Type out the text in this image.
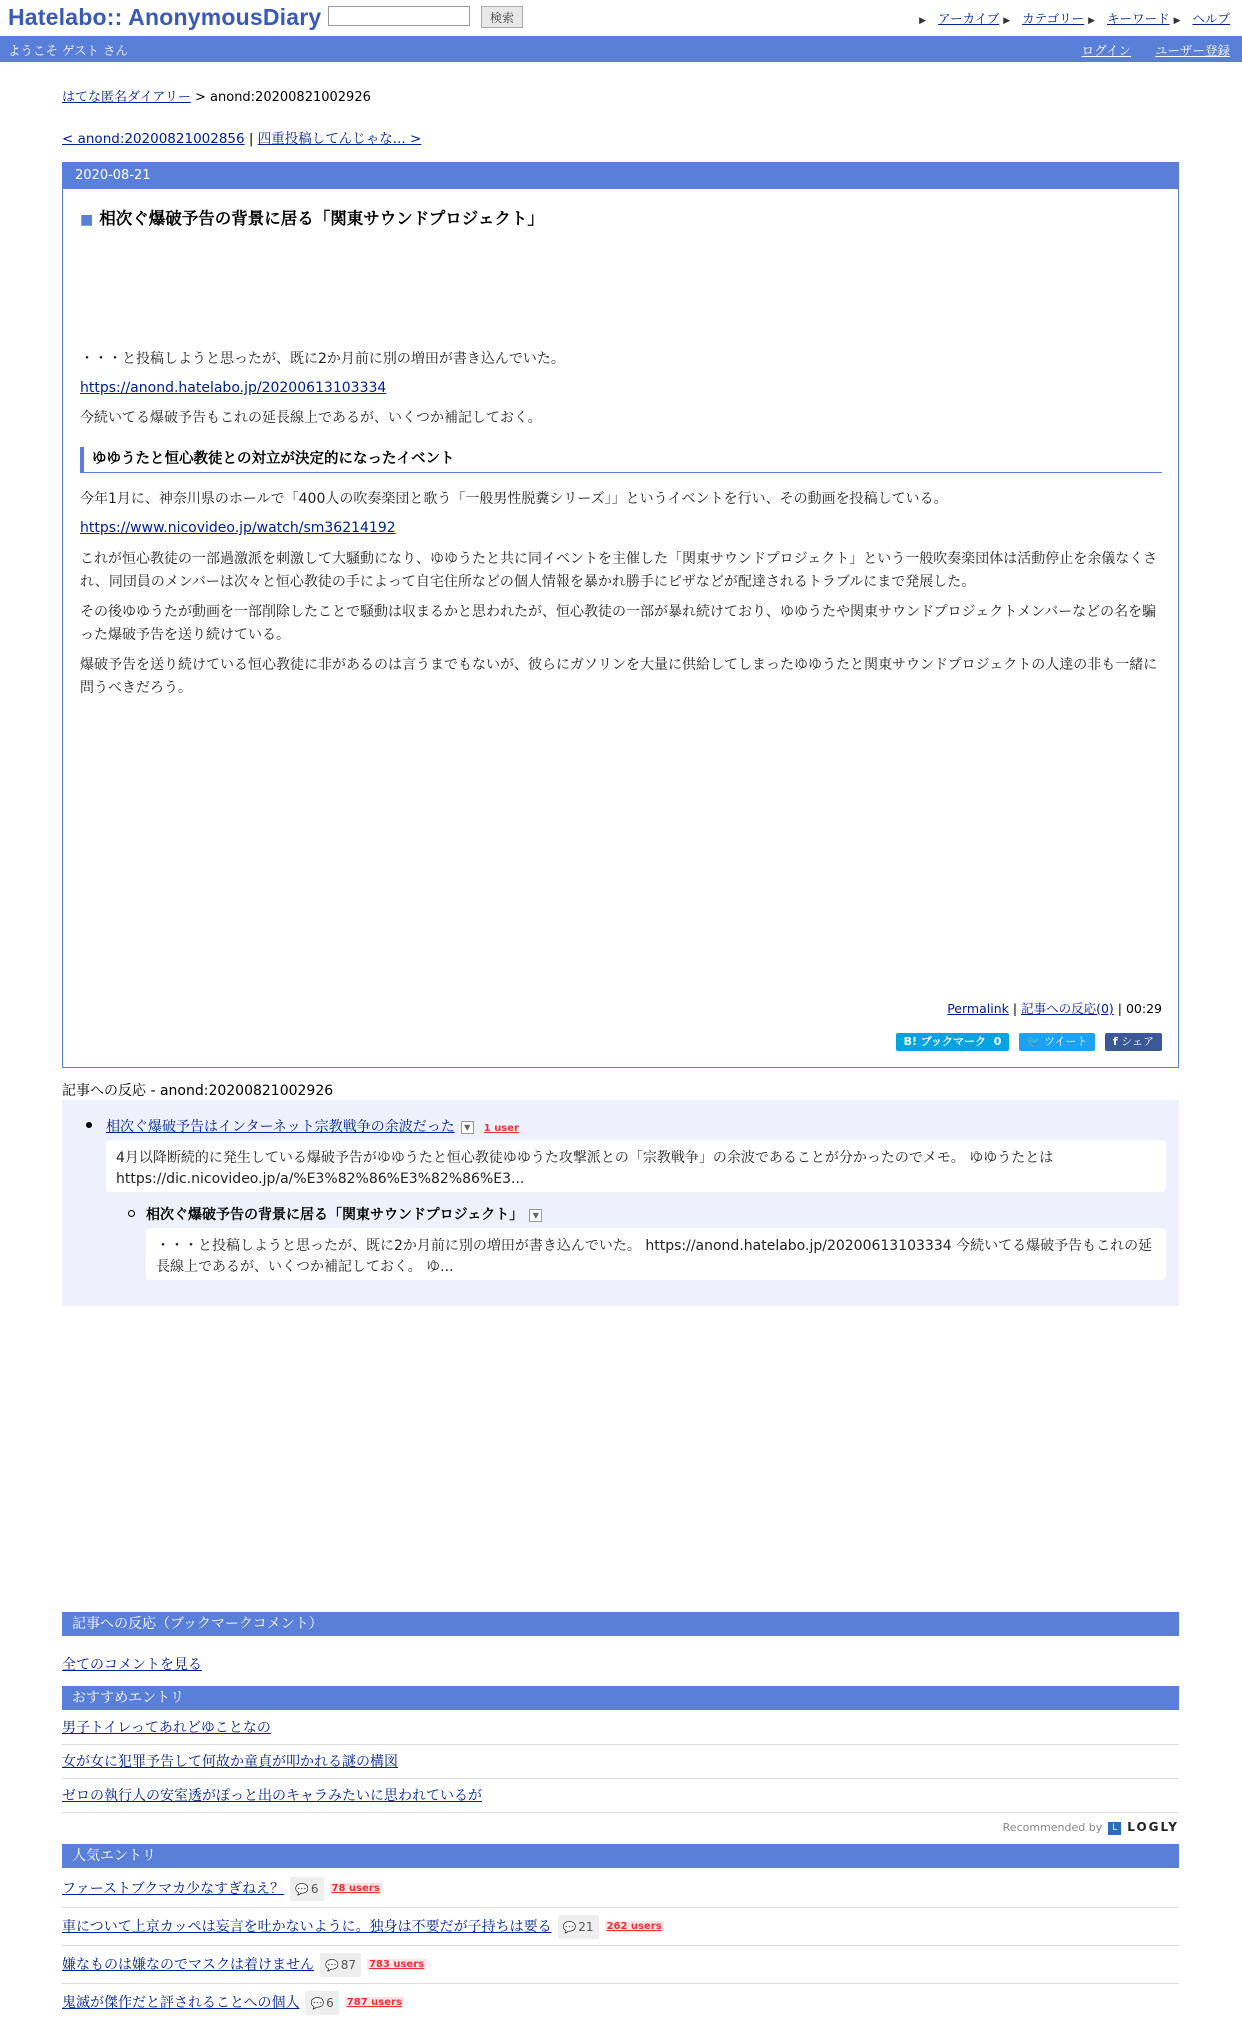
Hatelabo:: AnonymousDiary	検索	▶ アーカイブ ▶ カテゴリー ▶ キーワード ▶ ヘルプ
ようこそ ゲスト さん	ログイン ユーザー登録
はてな匿名ダイアリー > anond:20200821002926
< anond:20200821002856 | 四重投稿してんじゃな... >
2020-08-21
■ 相次ぐ爆破予告の背景に居る「関東サウンドプロジェクト」
・・・と投稿しようと思ったが、既に2か月前に別の増田が書き込んでいた。
https://anond.hatelabo.jp/20200613103334
今続いてる爆破予告もこれの延長線上であるが、いくつか補記しておく。
ゆゆうたと恒心教徒との対立が決定的になったイベント
今年1月に、神奈川県のホールで「400人の吹奏楽団と歌う「一般男性脱糞シリーズ」」というイベントを行い、その動画を投稿している。
https://www.nicovideo.jp/watch/sm36214192
これが恒心教徒の一部過激派を刺激して大騒動になり、ゆゆうたと共に同イベントを主催した「関東サウンドプロジェクト」という一般吹奏楽団体は活動停止を余儀なくされ、同団員のメンバーは次々と恒心教徒の手によって自宅住所などの個人情報を暴かれ勝手にピザなどが配達されるトラブルにまで発展した。
その後ゆゆうたが動画を一部削除したことで騒動は収まるかと思われたが、恒心教徒の一部が暴れ続けており、ゆゆうたや関東サウンドプロジェクトメンバーなどの名を騙った爆破予告を送り続けている。
爆破予告を送り続けている恒心教徒に非があるのは言うまでもないが、彼らにガソリンを大量に供給してしまったゆゆうたと関東サウンドプロジェクトの人達の非も一緒に問うべきだろう。
Permalink | 記事への反応(0) | 00:29
B! ブックマーク 0 🐦 ツイート f シェア
記事への反応 - anond:20200821002926
相次ぐ爆破予告はインターネット宗教戦争の余波だった ▼ 1 user
4月以降断続的に発生している爆破予告がゆゆうたと恒心教徒ゆゆうた攻撃派との「宗教戦争」の余波であることが分かったのでメモ。 ゆゆうたとは https://dic.nicovideo.jp/a/%E3%82%86%E3%82%86%E3...
相次ぐ爆破予告の背景に居る「関東サウンドプロジェクト」 ▼
・・・と投稿しようと思ったが、既に2か月前に別の増田が書き込んでいた。 https://anond.hatelabo.jp/20200613103334 今続いてる爆破予告もこれの延長線上であるが、いくつか補記しておく。 ゆ...
記事への反応（ブックマークコメント）
全てのコメントを見る
おすすめエントリ
男子トイレってあれどゆことなの
女が女に犯罪予告して何故か童貞が叩かれる謎の構図
ゼロの執行人の安室透がぽっと出のキャラみたいに思われているが
Recommended by L LOGLY
人気エントリ
ファーストブクマカ少なすぎねえ？ 💬 6 78 users
車について上京カッペは妄言を吐かないように。独身は不要だが子持ちは要る 💬 21 262 users
嫌なものは嫌なのでマスクは着けません 💬 87 783 users
鬼滅が傑作だと評されることへの個人 💬 6 787 users
